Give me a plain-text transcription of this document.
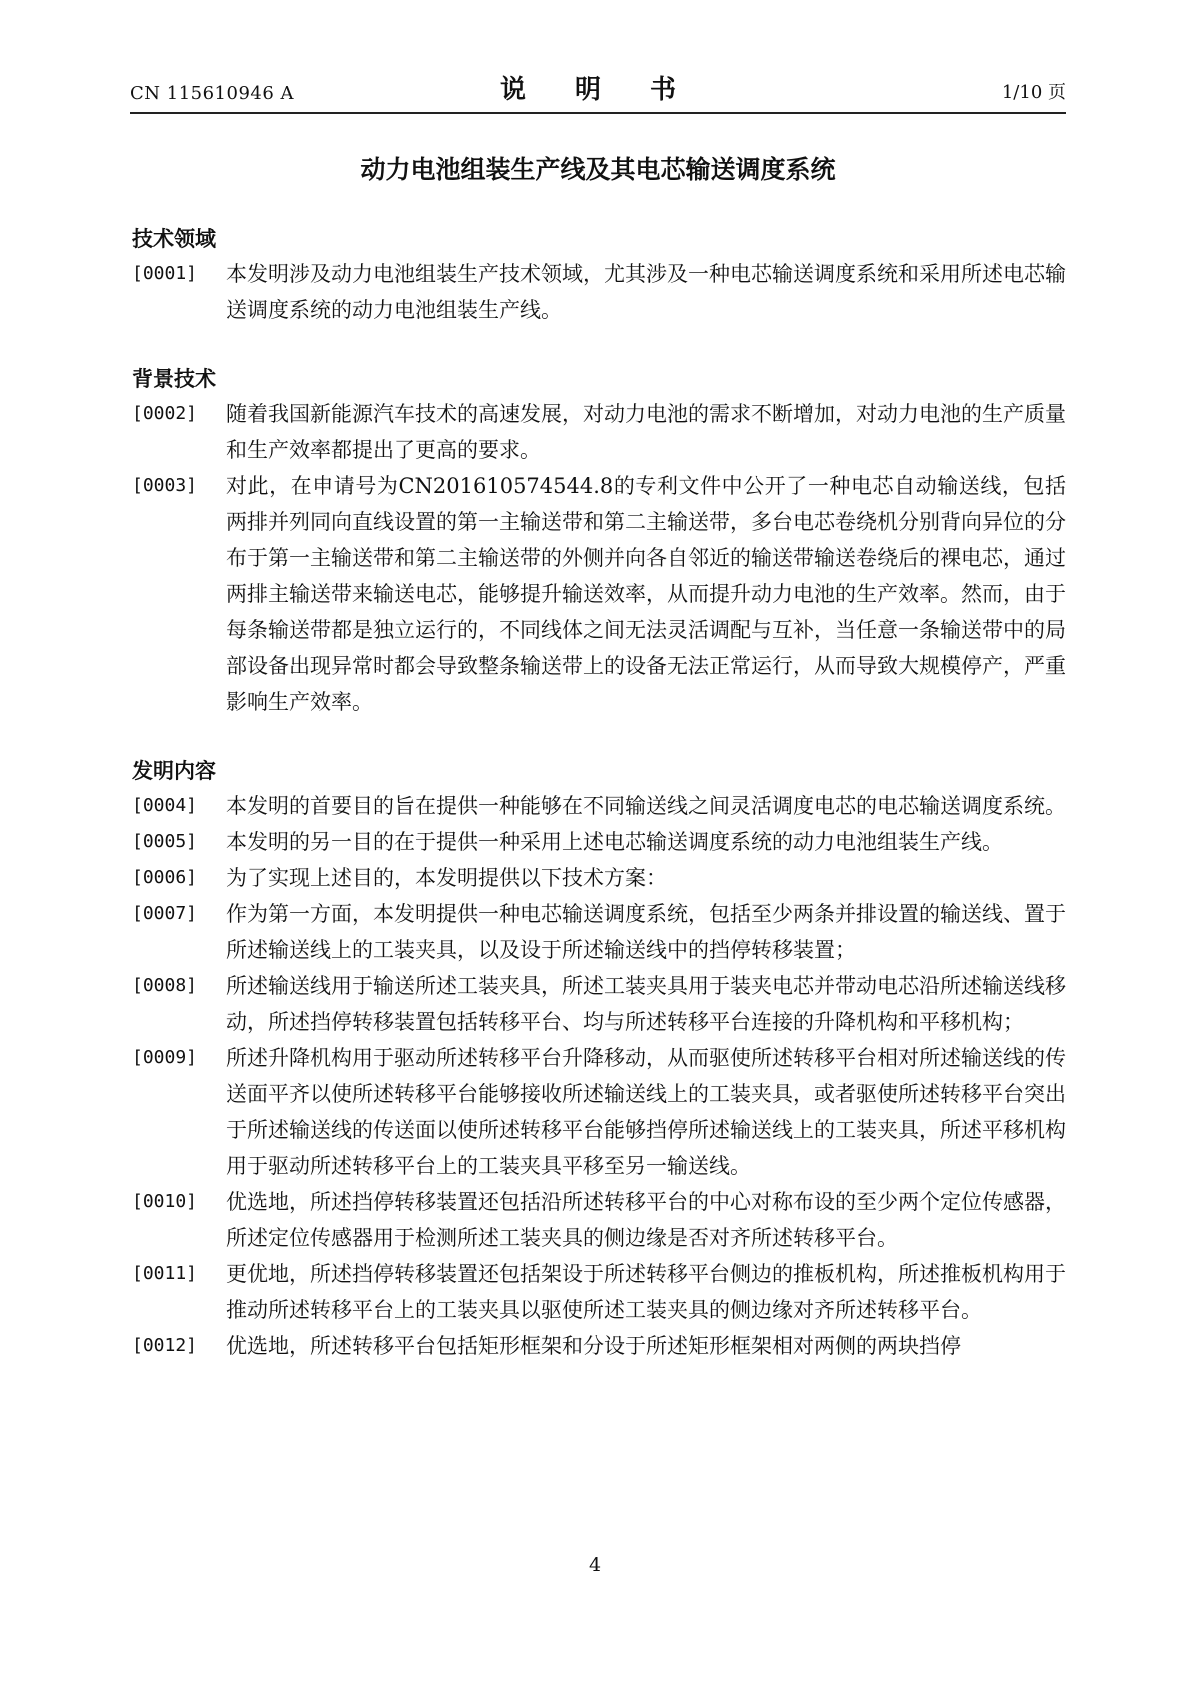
CN 115610946 A	说 明 书	1/10 页
动力电池组装生产线及其电芯输送调度系统

技术领域

[0001]	本发明涉及动力电池组装生产技术领域，尤其涉及一种电芯输送调度系统和采用所述电芯输送调度系统的动力电池组装生产线。

背景技术

[0002]	随着我国新能源汽车技术的高速发展，对动力电池的需求不断增加，对动力电池的生产质量和生产效率都提出了更高的要求。
[0003]	对此，在申请号为CN201610574544.8的专利文件中公开了一种电芯自动输送线，包括两排并列同向直线设置的第一主输送带和第二主输送带，多台电芯卷绕机分别背向异位的分布于第一主输送带和第二主输送带的外侧并向各自邻近的输送带输送卷绕后的裸电芯，通过两排主输送带来输送电芯，能够提升输送效率，从而提升动力电池的生产效率。然而，由于每条输送带都是独立运行的，不同线体之间无法灵活调配与互补，当任意一条输送带中的局部设备出现异常时都会导致整条输送带上的设备无法正常运行，从而导致大规模停产，严重影响生产效率。

发明内容

[0004]	本发明的首要目的旨在提供一种能够在不同输送线之间灵活调度电芯的电芯输送调度系统。
[0005]	本发明的另一目的在于提供一种采用上述电芯输送调度系统的动力电池组装生产线。
[0006]	为了实现上述目的，本发明提供以下技术方案：
[0007]	作为第一方面，本发明提供一种电芯输送调度系统，包括至少两条并排设置的输送线、置于所述输送线上的工装夹具，以及设于所述输送线中的挡停转移装置；
[0008]	所述输送线用于输送所述工装夹具，所述工装夹具用于装夹电芯并带动电芯沿所述输送线移动，所述挡停转移装置包括转移平台、均与所述转移平台连接的升降机构和平移机构；
[0009]	所述升降机构用于驱动所述转移平台升降移动，从而驱使所述转移平台相对所述输送线的传送面平齐以使所述转移平台能够接收所述输送线上的工装夹具，或者驱使所述转移平台突出于所述输送线的传送面以使所述转移平台能够挡停所述输送线上的工装夹具，所述平移机构用于驱动所述转移平台上的工装夹具平移至另一输送线。
[0010]	优选地，所述挡停转移装置还包括沿所述转移平台的中心对称布设的至少两个定位传感器，所述定位传感器用于检测所述工装夹具的侧边缘是否对齐所述转移平台。
[0011]	更优地，所述挡停转移装置还包括架设于所述转移平台侧边的推板机构，所述推板机构用于推动所述转移平台上的工装夹具以驱使所述工装夹具的侧边缘对齐所述转移平台。
[0012]	优选地，所述转移平台包括矩形框架和分设于所述矩形框架相对两侧的两块挡停
4
